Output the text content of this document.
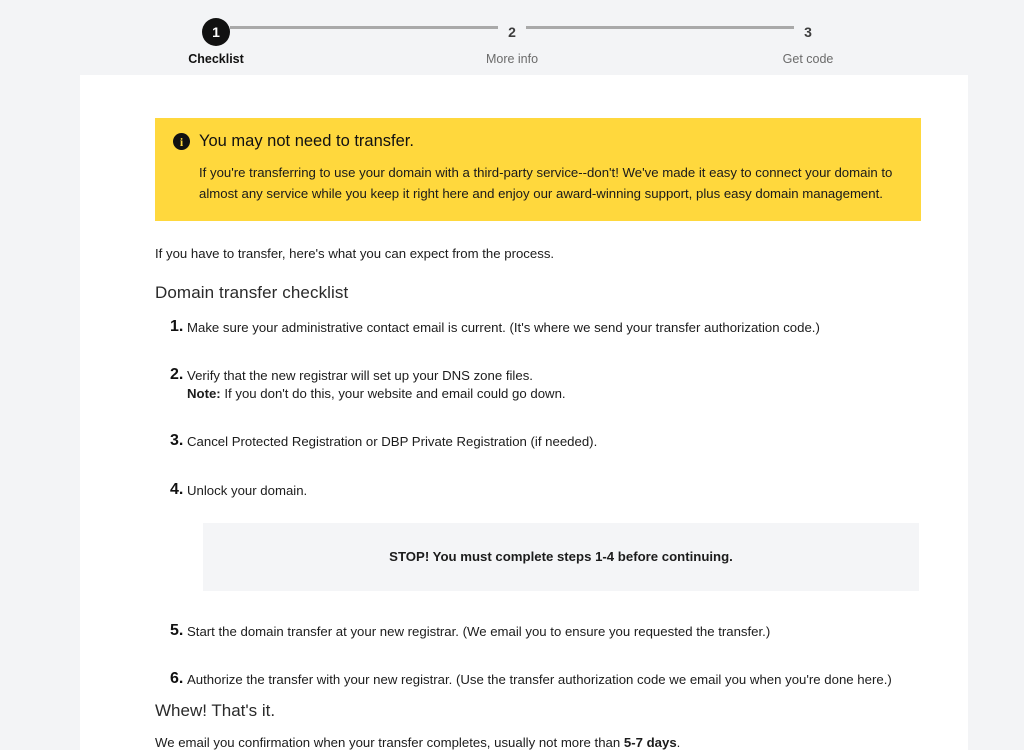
1
Checklist
2
More info
3
Get code
i You may not need to transfer.
If you're transferring to use your domain with a third-party service--don't! We've made it easy to connect your domain to almost any service while you keep it right here and enjoy our award-winning support, plus easy domain management.
If you have to transfer, here's what you can expect from the process.
Domain transfer checklist
1. Make sure your administrative contact email is current. (It's where we send your transfer authorization code.)
2. Verify that the new registrar will set up your DNS zone files.
Note: If you don't do this, your website and email could go down.
3. Cancel Protected Registration or DBP Private Registration (if needed).
4. Unlock your domain.
STOP! You must complete steps 1-4 before continuing.
5. Start the domain transfer at your new registrar. (We email you to ensure you requested the transfer.)
6. Authorize the transfer with your new registrar. (Use the transfer authorization code we email you when you're done here.)
Whew! That's it.
We email you confirmation when your transfer completes, usually not more than 5-7 days.
